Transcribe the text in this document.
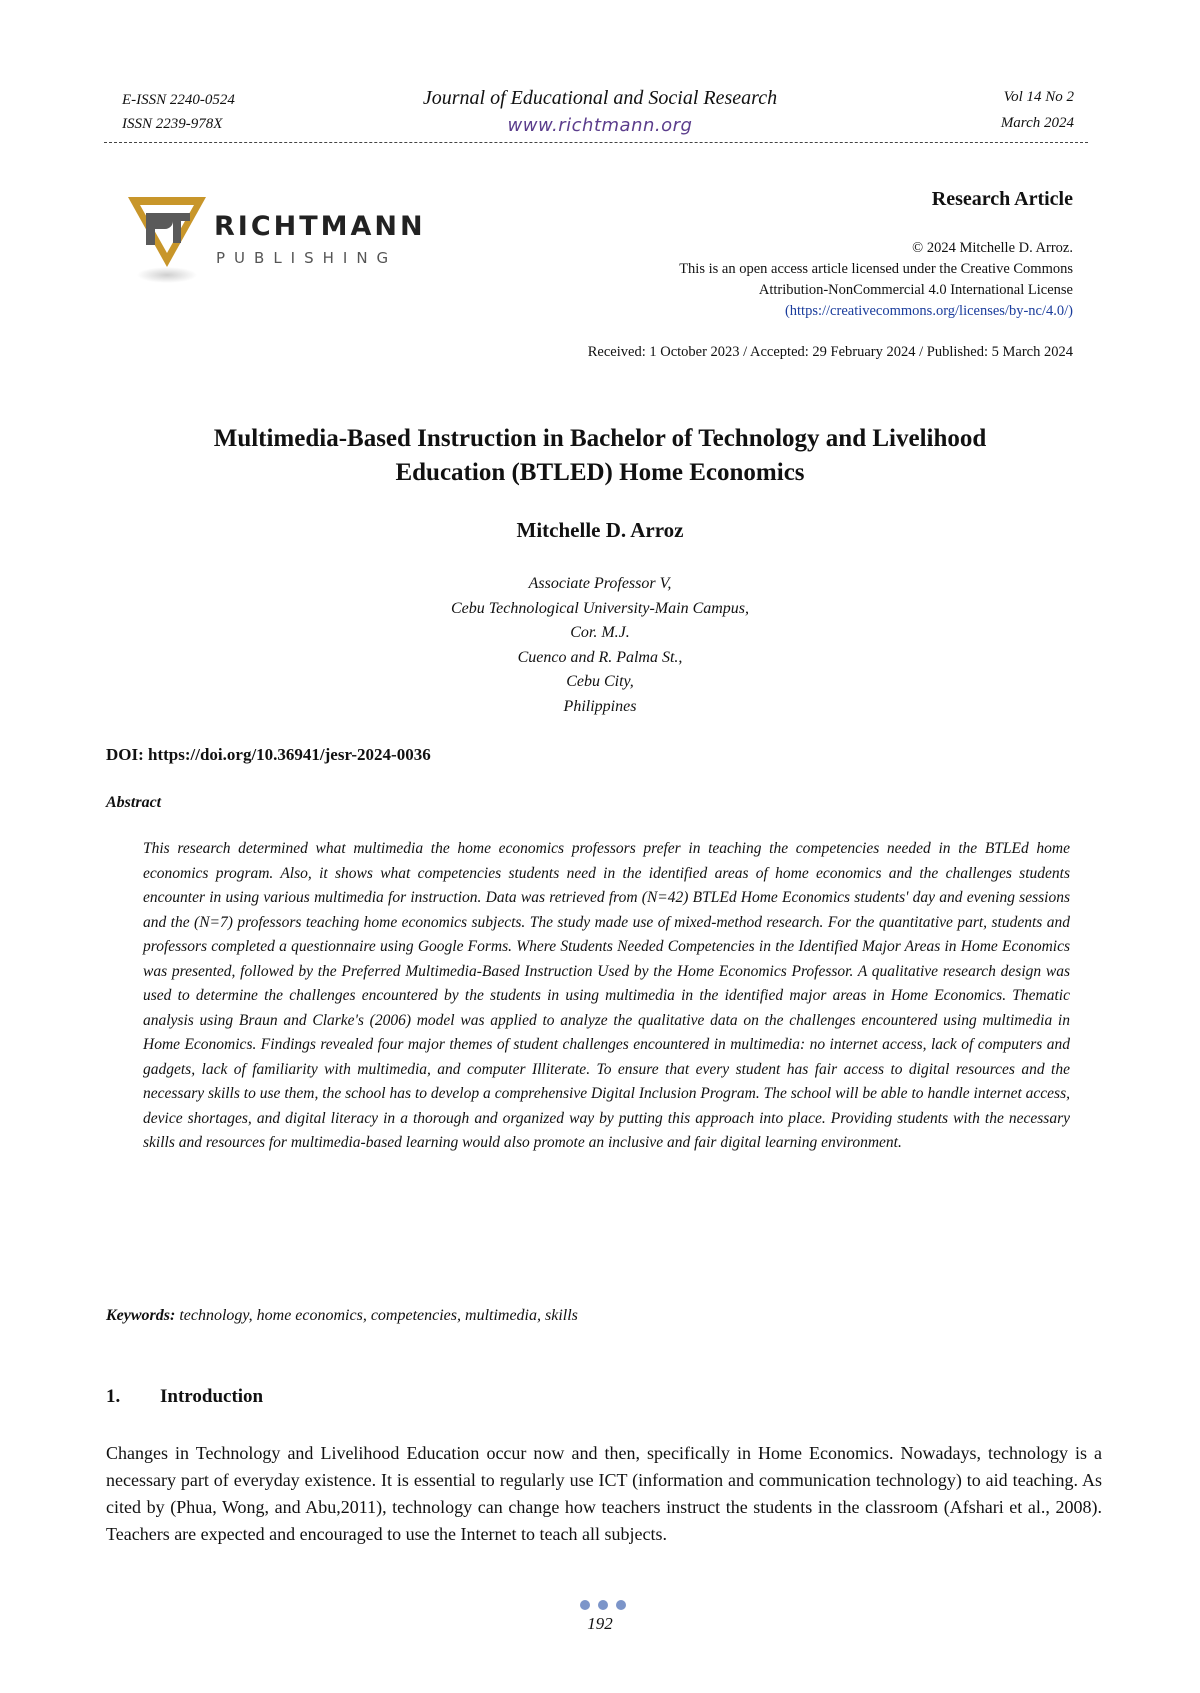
E-ISSN 2240-0524
ISSN 2239-978X
Journal of Educational and Social Research
www.richtmann.org
Vol 14 No 2
March 2024
RICHTMANN
PUBLISHING
Research Article
© 2024 Mitchelle D. Arroz.
This is an open access article licensed under the Creative Commons
Attribution-NonCommercial 4.0 International License
(https://creativecommons.org/licenses/by-nc/4.0/)
Received: 1 October 2023 / Accepted: 29 February 2024 / Published: 5 March 2024
Multimedia-Based Instruction in Bachelor of Technology and Livelihood
Education (BTLED) Home Economics
Mitchelle D. Arroz
Associate Professor V,
Cebu Technological University-Main Campus,
Cor. M.J.
Cuenco and R. Palma St.,
Cebu City,
Philippines
DOI: https://doi.org/10.36941/jesr-2024-0036
Abstract
This research determined what multimedia the home economics professors prefer in teaching the competencies needed in the BTLEd home economics program. Also, it shows what competencies students need in the identified areas of home economics and the challenges students encounter in using various multimedia for instruction. Data was retrieved from (N=42) BTLEd Home Economics students' day and evening sessions and the (N=7) professors teaching home economics subjects. The study made use of mixed-method research. For the quantitative part, students and professors completed a questionnaire using Google Forms. Where Students Needed Competencies in the Identified Major Areas in Home Economics was presented, followed by the Preferred Multimedia-Based Instruction Used by the Home Economics Professor. A qualitative research design was used to determine the challenges encountered by the students in using multimedia in the identified major areas in Home Economics. Thematic analysis using Braun and Clarke's (2006) model was applied to analyze the qualitative data on the challenges encountered using multimedia in Home Economics. Findings revealed four major themes of student challenges encountered in multimedia: no internet access, lack of computers and gadgets, lack of familiarity with multimedia, and computer Illiterate. To ensure that every student has fair access to digital resources and the necessary skills to use them, the school has to develop a comprehensive Digital Inclusion Program. The school will be able to handle internet access, device shortages, and digital literacy in a thorough and organized way by putting this approach into place. Providing students with the necessary skills and resources for multimedia-based learning would also promote an inclusive and fair digital learning environment.
Keywords: technology, home economics, competencies, multimedia, skills
1. Introduction
Changes in Technology and Livelihood Education occur now and then, specifically in Home Economics. Nowadays, technology is a necessary part of everyday existence. It is essential to regularly use ICT (information and communication technology) to aid teaching. As cited by (Phua, Wong, and Abu,2011), technology can change how teachers instruct the students in the classroom (Afshari et al., 2008). Teachers are expected and encouraged to use the Internet to teach all subjects.
192
